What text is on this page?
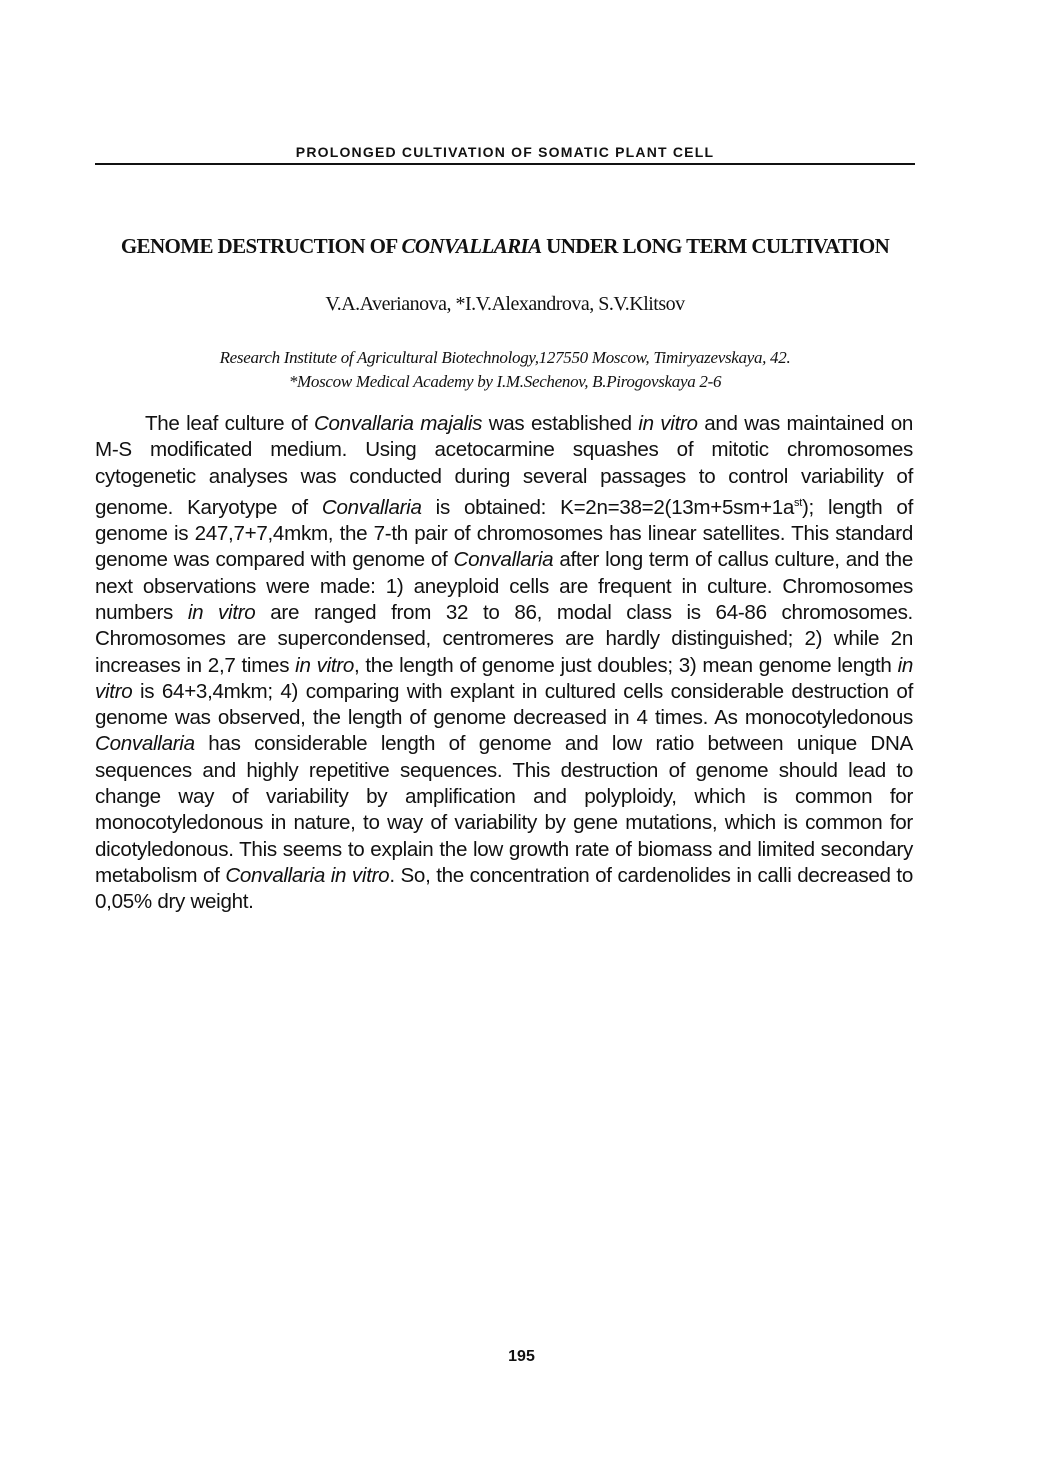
PROLONGED CULTIVATION OF SOMATIC PLANT CELL
GENOME DESTRUCTION OF CONVALLARIA UNDER LONG TERM CULTIVATION
V.A.Averianova, *I.V.Alexandrova, S.V.Klitsov
Research Institute of Agricultural Biotechnology,127550 Moscow, Timiryazevskaya, 42.
*Moscow Medical Academy by I.M.Sechenov, B.Pirogovskaya 2-6

The leaf culture of Convallaria majalis was established in vitro and was maintained on M-S modificated medium. Using acetocarmine squashes of mitotic chromosomes cytogenetic analyses was conducted during several passages to control variability of genome. Karyotype of Convallaria is obtained: $K=2n=38=2(13m+5sm+1a^{st})$; length of genome is 247,7+7,4mkm, the 7-th pair of chromosomes has linear satellites. This standard genome was compared with genome of Convallaria after long term of callus culture, and the next observations were made: 1) aneyploid cells are frequent in culture. Chromosomes numbers in vitro are ranged from 32 to 86, modal class is 64-86 chromosomes. Chromosomes are supercondensed, centromeres are hardly distinguished; 2) while 2n increases in 2,7 times in vitro, the length of genome just doubles; 3) mean genome length in vitro is 64+3,4mkm; 4) comparing with explant in cultured cells considerable destruction of genome was observed, the length of genome decreased in 4 times. As monocotyledonous Convallaria has considerable length of genome and low ratio between unique DNA sequences and highly repetitive sequences. This destruction of genome should lead to change way of variability by amplification and polyploidy, which is common for monocotyledonous in nature, to way of variability by gene mutations, which is common for dicotyledonous. This seems to explain the low growth rate of biomass and limited secondary metabolism of Convallaria in vitro. So, the concentration of cardenolides in calli decreased to 0,05% dry weight.

195
